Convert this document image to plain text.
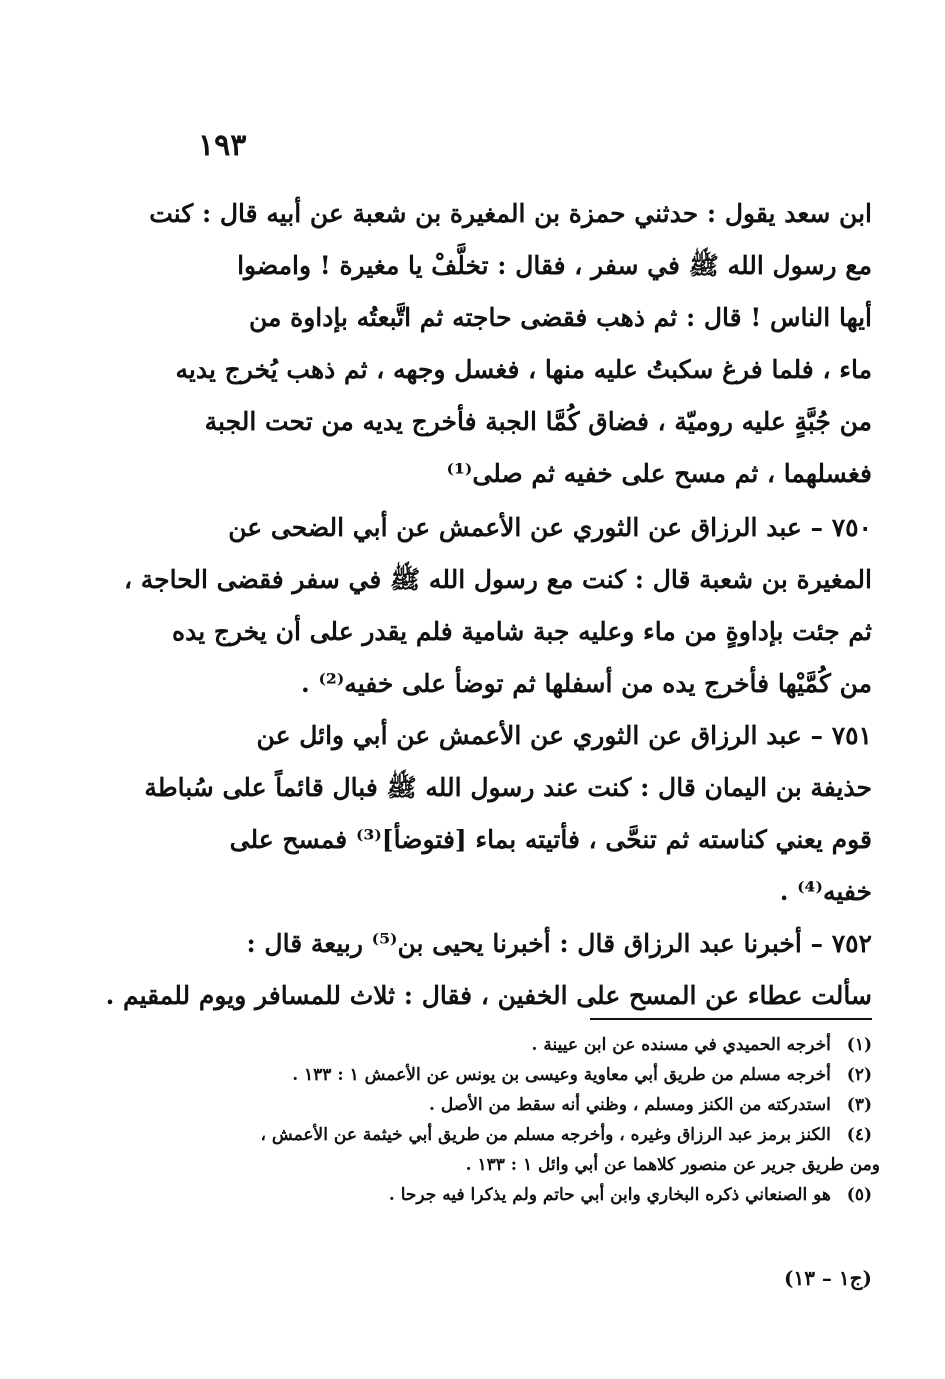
١٩٣
ابن سعد يقول : حدثني حمزة بن المغيرة بن شعبة عن أبيه قال : كنت
مع رسول الله ﷺ في سفر ، فقال : تخلَّفْ يا مغيرة ! وامضوا
أيها الناس ! قال : ثم ذهب فقضى حاجته ثم اتَّبعتُه بإداوة من
ماء ، فلما فرغ سكبتُ عليه منها ، فغسل وجهه ، ثم ذهب يُخرج يديه
من جُبَّةٍ عليه روميّة ، فضاق كُمَّا الجبة فأخرج يديه من تحت الجبة
فغسلهما ، ثم مسح على خفيه ثم صلى⁽¹⁾
٧٥٠ – عبد الرزاق عن الثوري عن الأعمش عن أبي الضحى عن
المغيرة بن شعبة قال : كنت مع رسول الله ﷺ في سفر فقضى الحاجة ،
ثم جئت بإداوةٍ من ماء وعليه جبة شامية فلم يقدر على أن يخرج يده
من كُمَّيْها فأخرج يده من أسفلها ثم توضأ على خفيه⁽²⁾ .
٧٥١ – عبد الرزاق عن الثوري عن الأعمش عن أبي وائل عن
حذيفة بن اليمان قال : كنت عند رسول الله ﷺ فبال قائماً على سُباطة
قوم يعني كناسته ثم تنحَّى ، فأتيته بماء [فتوضأ]⁽³⁾ فمسح على
خفيه⁽⁴⁾ .
٧٥٢ – أخبرنا عبد الرزاق قال : أخبرنا يحيى بن⁽⁵⁾ ربيعة قال :
سألت عطاء عن المسح على الخفين ، فقال : ثلاث للمسافر ويوم للمقيم .
(١) أخرجه الحميدي في مسنده عن ابن عيينة .
(٢) أخرجه مسلم من طريق أبي معاوية وعيسى بن يونس عن الأعمش ١ : ١٣٣ .
(٣) استدركته من الكنز ومسلم ، وظني أنه سقط من الأصل .
(٤) الكنز برمز عبد الرزاق وغيره ، وأخرجه مسلم من طريق أبي خيثمة عن الأعمش ،
ومن طريق جرير عن منصور كلاهما عن أبي وائل ١ : ١٣٣ .
(٥) هو الصنعاني ذكره البخاري وابن أبي حاتم ولم يذكرا فيه جرحا .
(ج١ – ١٣)
